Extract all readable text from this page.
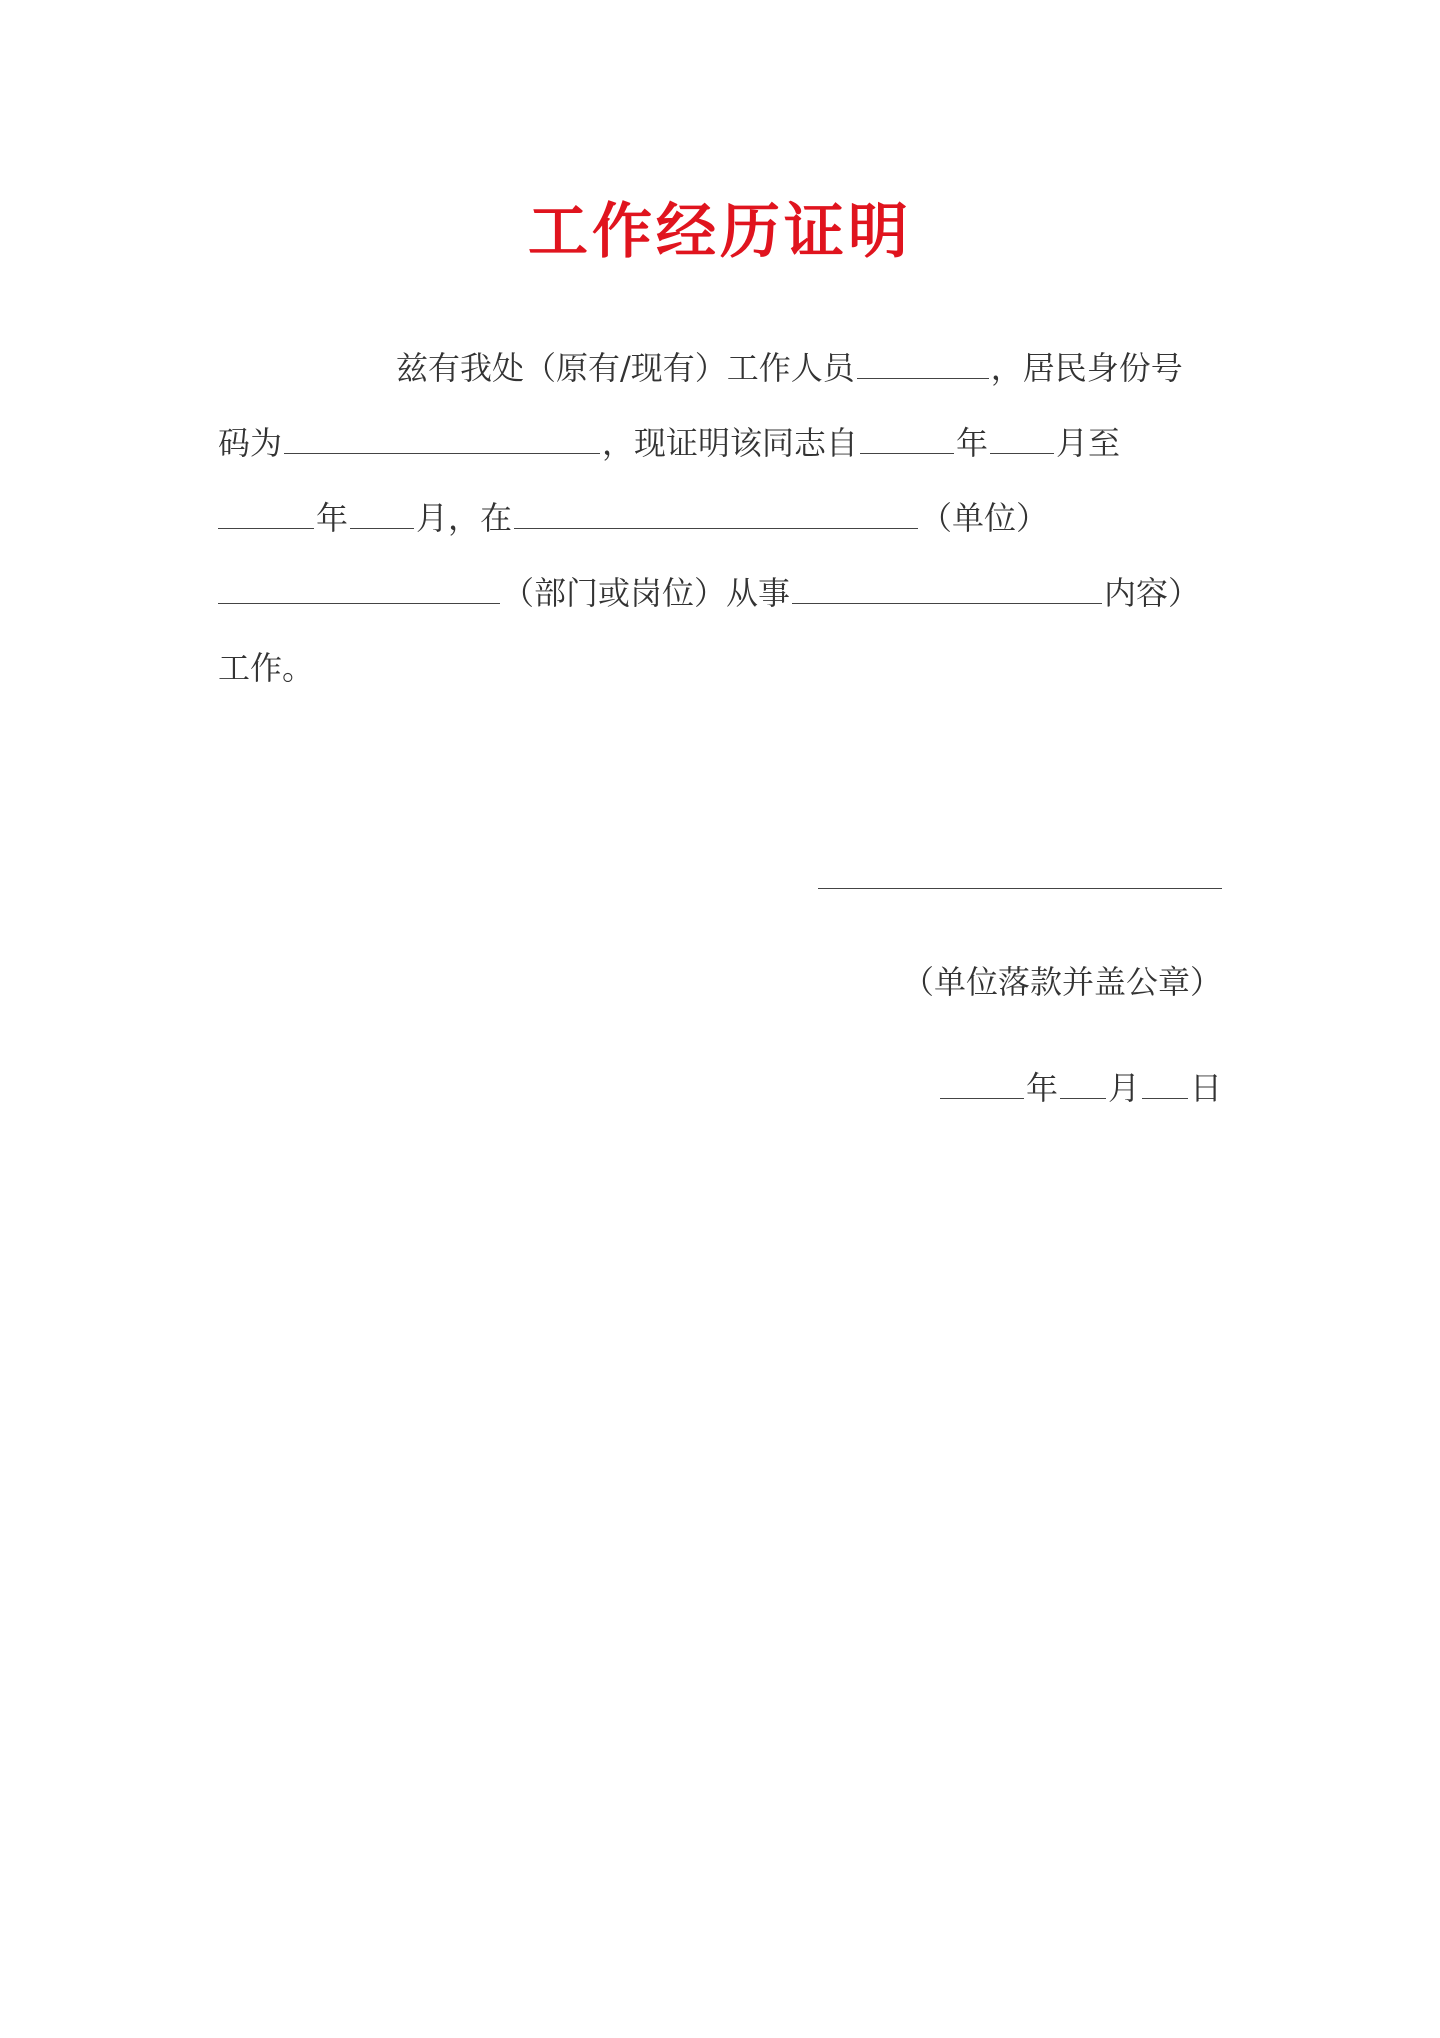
工作经历证明
兹有我处（原有/现有）工作人员	，居民身份号
码为	，现证明该同志自	年 月至
年 月，在	（单位）
（部门或岗位）从事	内容）
工作。
（单位落款并盖公章）
年 月 日
